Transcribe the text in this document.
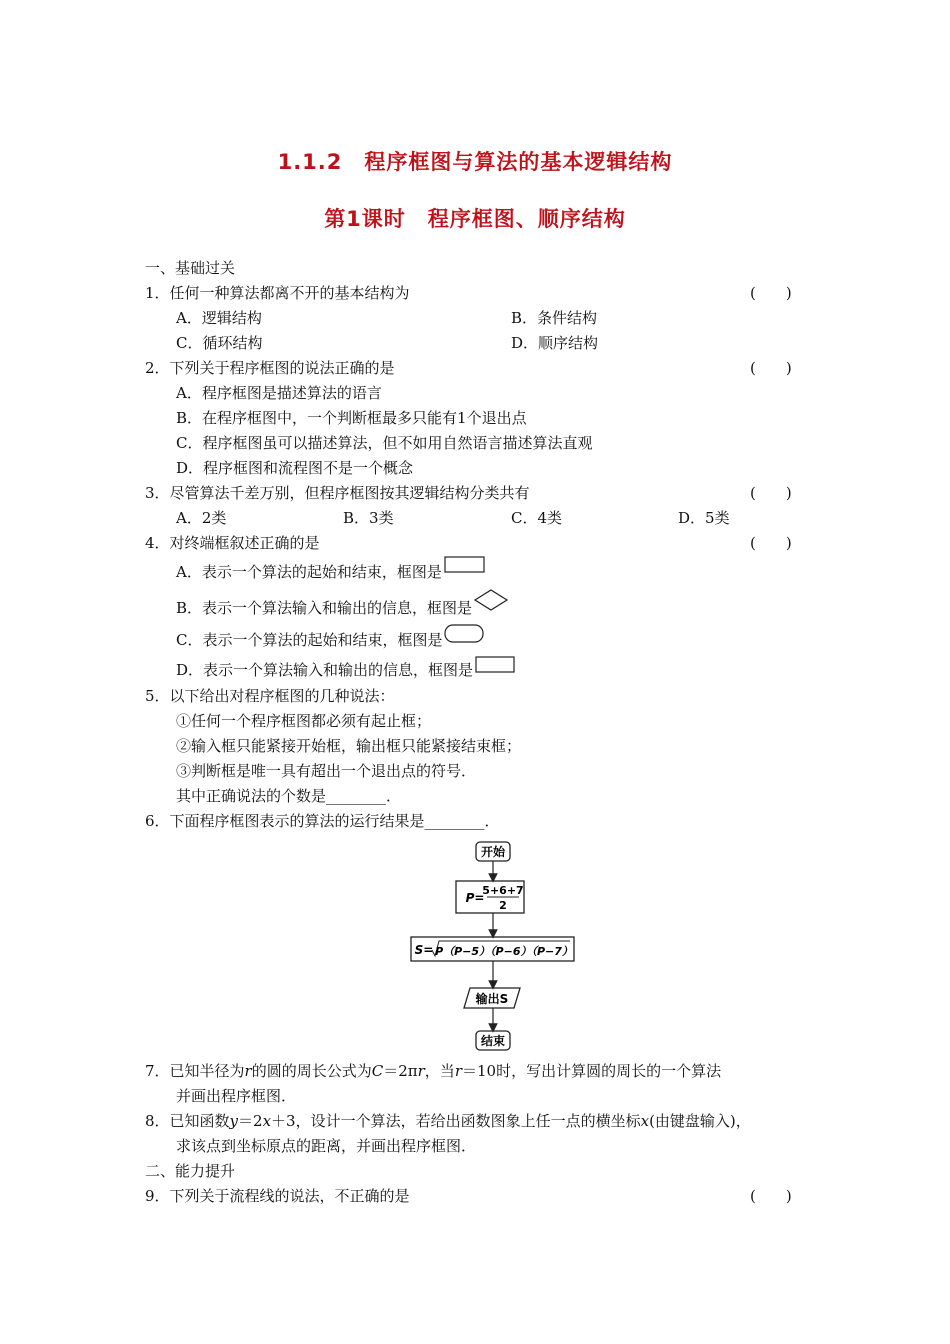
1.1.2　程序框图与算法的基本逻辑结构
第1课时　程序框图、顺序结构
一、基础过关
1．任何一种算法都离不开的基本结构为	(　　)
A．逻辑结构	B．条件结构
C．循环结构	D．顺序结构
2．下列关于程序框图的说法正确的是	(　　)
A．程序框图是描述算法的语言
B．在程序框图中，一个判断框最多只能有1个退出点
C．程序框图虽可以描述算法，但不如用自然语言描述算法直观
D．程序框图和流程图不是一个概念
3．尽管算法千差万别，但程序框图按其逻辑结构分类共有	(　　)
A．2类	B．3类	C．4类	D．5类
4．对终端框叙述正确的是	(　　)
A．表示一个算法的起始和结束，框图是
B．表示一个算法输入和输出的信息，框图是
C．表示一个算法的起始和结束，框图是
D．表示一个算法输入和输出的信息，框图是
5．以下给出对程序框图的几种说法：
①任何一个程序框图都必须有起止框；
②输入框只能紧接开始框，输出框只能紧接结束框；
③判断框是唯一具有超出一个退出点的符号．
其中正确说法的个数是________．
6．下面程序框图表示的算法的运行结果是________．
开始
P=
5+6+7
2
S= P（P−5）（P−6）（P−7）
输出S
结束
7．已知半径为r的圆的周长公式为C＝2πr，当r＝10时，写出计算圆的周长的一个算法
并画出程序框图．
8．已知函数y＝2x＋3，设计一个算法，若给出函数图象上任一点的横坐标x(由键盘输入)，
求该点到坐标原点的距离，并画出程序框图．
二、能力提升
9．下列关于流程线的说法，不正确的是	(　　)
